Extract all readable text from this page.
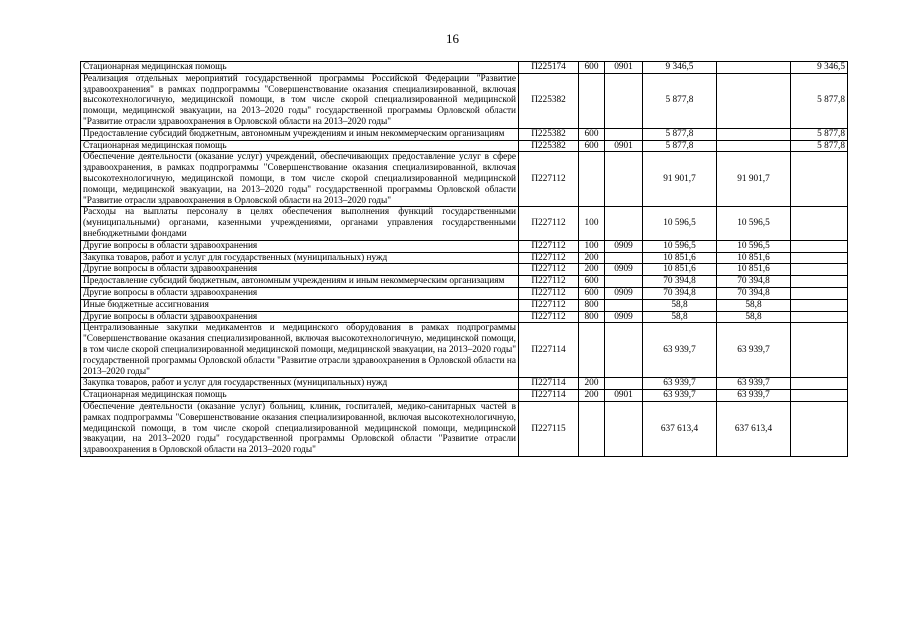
16
Стационарная медицинская помощь	П225174	600	0901	9 346,5		9 346,5
Реализация отдельных мероприятий государственной программы Российской Федерации "Развитие здравоохранения" в рамках подпрограммы "Совершенствование оказания специализированной, включая высокотехнологичную, медицинской помощи, в том числе скорой специализированной медицинской помощи, медицинской эвакуации, на 2013–2020 годы" государственной программы Орловской области "Развитие отрасли здравоохранения в Орловской области на 2013–2020 годы"	П225382			5 877,8		5 877,8
Предоставление субсидий бюджетным, автономным учреждениям и иным некоммерческим организациям	П225382	600		5 877,8		5 877,8
Стационарная медицинская помощь	П225382	600	0901	5 877,8		5 877,8
Обеспечение деятельности (оказание услуг) учреждений, обеспечивающих предоставление услуг в сфере здравоохранения, в рамках подпрограммы "Совершенствование оказания специализированной, включая высокотехнологичную, медицинской помощи, в том числе скорой специализированной медицинской помощи, медицинской эвакуации, на 2013–2020 годы" государственной программы Орловской области "Развитие отрасли здравоохранения в Орловской области на 2013–2020 годы"	П227112			91 901,7	91 901,7	
Расходы на выплаты персоналу в целях обеспечения выполнения функций государственными (муниципальными) органами, казенными учреждениями, органами управления государственными внебюджетными фондами	П227112	100		10 596,5	10 596,5	
Другие вопросы в области здравоохранения	П227112	100	0909	10 596,5	10 596,5	
Закупка товаров, работ и услуг для государственных (муниципальных) нужд	П227112	200		10 851,6	10 851,6	
Другие вопросы в области здравоохранения	П227112	200	0909	10 851,6	10 851,6	
Предоставление субсидий бюджетным, автономным учреждениям и иным некоммерческим организациям	П227112	600		70 394,8	70 394,8	
Другие вопросы в области здравоохранения	П227112	600	0909	70 394,8	70 394,8	
Иные бюджетные ассигнования	П227112	800		58,8	58,8	
Другие вопросы в области здравоохранения	П227112	800	0909	58,8	58,8	
Централизованные закупки медикаментов и медицинского оборудования в рамках подпрограммы "Совершенствование оказания специализированной, включая высокотехнологичную, медицинской помощи, в том числе скорой специализированной медицинской помощи, медицинской эвакуации, на 2013–2020 годы" государственной программы Орловской области "Развитие отрасли здравоохранения в Орловской области на 2013–2020 годы"	П227114			63 939,7	63 939,7	
Закупка товаров, работ и услуг для государственных (муниципальных) нужд	П227114	200		63 939,7	63 939,7	
Стационарная медицинская помощь	П227114	200	0901	63 939,7	63 939,7	
Обеспечение деятельности (оказание услуг) больниц, клиник, госпиталей, медико-санитарных частей в рамках подпрограммы "Совершенствование оказания специализированной, включая высокотехнологичную, медицинской помощи, в том числе скорой специализированной медицинской помощи, медицинской эвакуации, на 2013–2020 годы" государственной программы Орловской области "Развитие отрасли здравоохранения в Орловской области на 2013–2020 годы"	П227115			637 613,4	637 613,4	
